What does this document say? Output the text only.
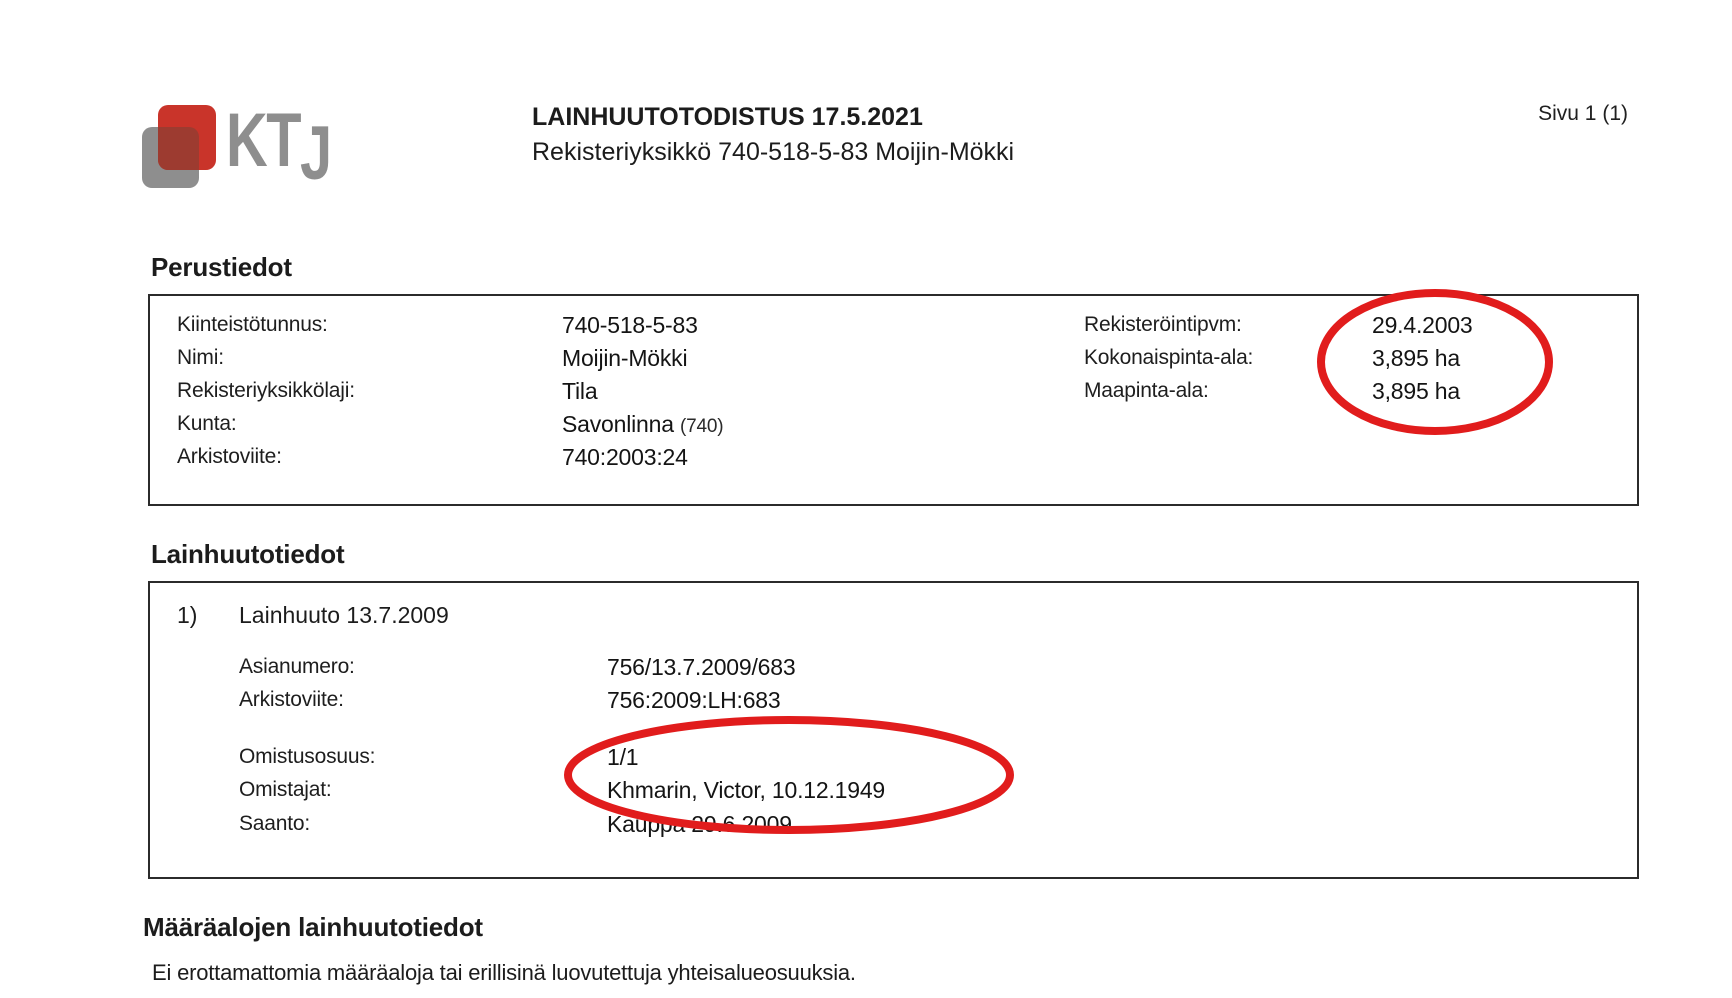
KTJ	LAINHUUTOTODISTUS 17.5.2021
Rekisteriyksikkö 740-518-5-83 Moijin-Mökki
Sivu 1 (1)
Perustiedot
Kiinteistötunnus:	740-518-5-83
Nimi:	Moijin-Mökki
Rekisteriyksikkölaji:	Tila
Kunta:	Savonlinna (740)
Arkistoviite:	740:2003:24
Rekisteröintipvm:	29.4.2003
Kokonaispinta-ala:	3,895 ha
Maapinta-ala:	3,895 ha
Lainhuutotiedot
1) Lainhuuto 13.7.2009
Asianumero:	756/13.7.2009/683
Arkistoviite:	756:2009:LH:683
Omistusosuus:	1/1
Omistajat:	Khmarin, Victor, 10.12.1949
Saanto:	Kauppa 29.6.2009
Määräalojen lainhuutotiedot
Ei erottamattomia määräaloja tai erillisinä luovutettuja yhteisalueosuuksia.
